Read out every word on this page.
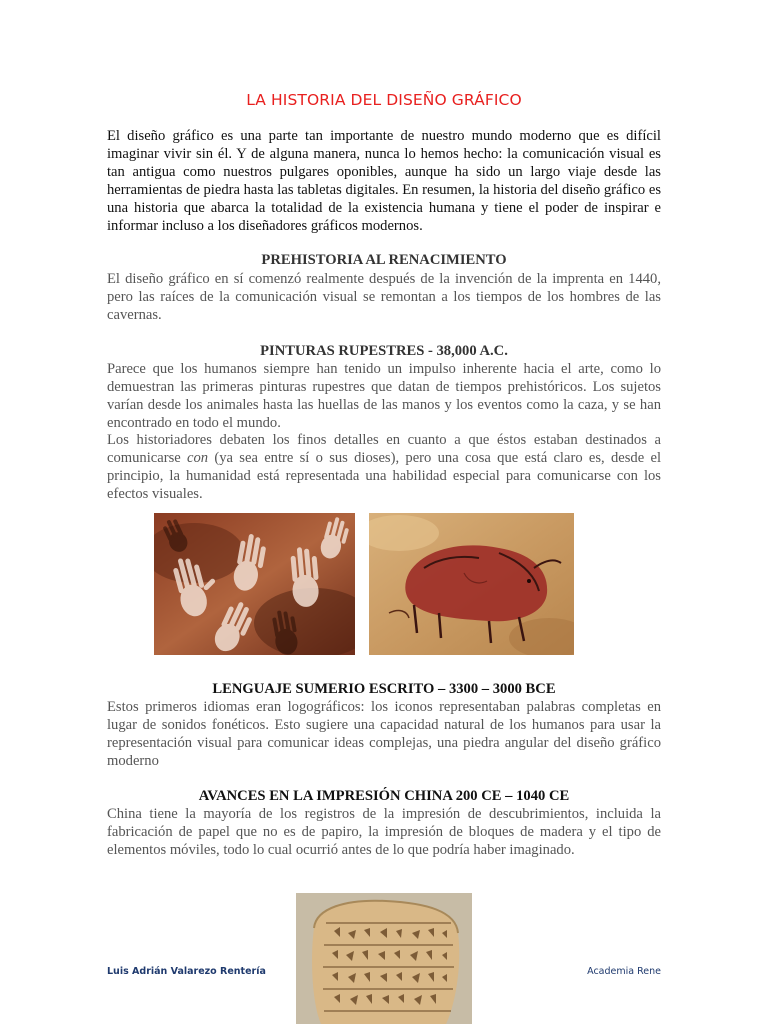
LA HISTORIA DEL DISEÑO GRÁFICO

El diseño gráfico es una parte tan importante de nuestro mundo moderno que es difícil imaginar vivir sin él. Y de alguna manera, nunca lo hemos hecho: la comunicación visual es tan antigua como nuestros pulgares oponibles, aunque ha sido un largo viaje desde las herramientas de piedra hasta las tabletas digitales. En resumen, la historia del diseño gráfico es una historia que abarca la totalidad de la existencia humana y tiene el poder de inspirar e informar incluso a los diseñadores gráficos modernos.

PREHISTORIA AL RENACIMIENTO

El diseño gráfico en sí comenzó realmente después de la invención de la imprenta en 1440, pero las raíces de la comunicación visual se remontan a los tiempos de los hombres de las cavernas.

PINTURAS RUPESTRES - 38,000 A.C.

Parece que los humanos siempre han tenido un impulso inherente hacia el arte, como lo demuestran las primeras pinturas rupestres que datan de tiempos prehistóricos. Los sujetos varían desde los animales hasta las huellas de las manos y los eventos como la caza, y se han encontrado en todo el mundo.

Los historiadores debaten los finos detalles en cuanto a que éstos estaban destinados a comunicarse con (ya sea entre sí o sus dioses), pero una cosa que está claro es, desde el principio, la humanidad está representada una habilidad especial para comunicarse con los efectos visuales.

LENGUAJE SUMERIO ESCRITO – 3300 – 3000 BCE

Estos primeros idiomas eran logográficos: los iconos representaban palabras completas en lugar de sonidos fonéticos. Esto sugiere una capacidad natural de los humanos para usar la representación visual para comunicar ideas complejas, una piedra angular del diseño gráfico moderno

AVANCES EN LA IMPRESIÓN CHINA 200 CE – 1040 CE

China tiene la mayoría de los registros de la impresión de descubrimientos, incluida la fabricación de papel que no es de papiro, la impresión de bloques de madera y el tipo de elementos móviles, todo lo cual ocurrió antes de lo que podría haber imaginado.

Luis Adrián Valarezo Rentería	Academia Rene
